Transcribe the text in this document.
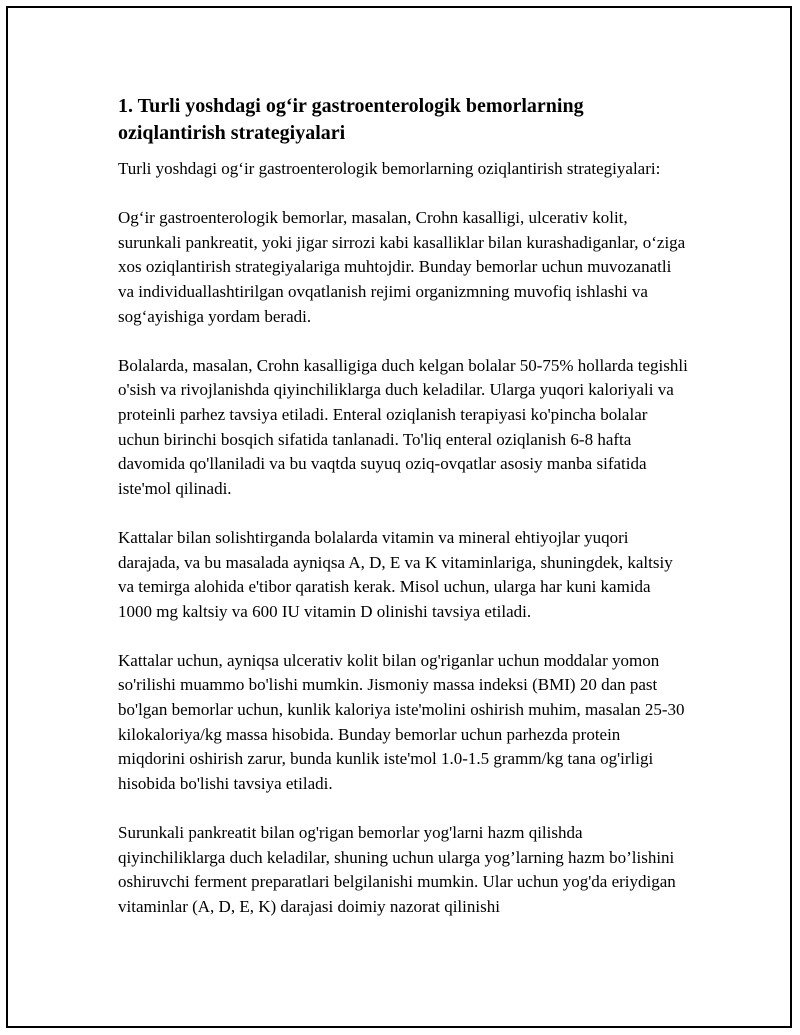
1. Turli yoshdagi og‘ir gastroenterologik bemorlarning oziqlantirish strategiyalari

Turli yoshdagi og‘ir gastroenterologik bemorlarning oziqlantirish strategiyalari:

Og‘ir gastroenterologik bemorlar, masalan, Crohn kasalligi, ulcerativ kolit, surunkali pankreatit, yoki jigar sirrozi kabi kasalliklar bilan kurashadiganlar, o‘ziga xos oziqlantirish strategiyalariga muhtojdir. Bunday bemorlar uchun muvozanatli va individuallashtirilgan ovqatlanish rejimi organizmning muvofiq ishlashi va sog‘ayishiga yordam beradi.

Bolalarda, masalan, Crohn kasalligiga duch kelgan bolalar 50-75% hollarda tegishli o'sish va rivojlanishda qiyinchiliklarga duch keladilar. Ularga yuqori kaloriyali va proteinli parhez tavsiya etiladi. Enteral oziqlanish terapiyasi ko'pincha bolalar uchun birinchi bosqich sifatida tanlanadi. To'liq enteral oziqlanish 6-8 hafta davomida qo'llaniladi va bu vaqtda suyuq oziq-ovqatlar asosiy manba sifatida iste'mol qilinadi.

Kattalar bilan solishtirganda bolalarda vitamin va mineral ehtiyojlar yuqori darajada, va bu masalada ayniqsa A, D, E va K vitaminlariga, shuningdek, kaltsiy va temirga alohida e'tibor qaratish kerak. Misol uchun, ularga har kuni kamida 1000 mg kaltsiy va 600 IU vitamin D olinishi tavsiya etiladi.

Kattalar uchun, ayniqsa ulcerativ kolit bilan og'riganlar uchun moddalar yomon so'rilishi muammo bo'lishi mumkin. Jismoniy massa indeksi (BMI) 20 dan past bo'lgan bemorlar uchun, kunlik kaloriya iste'molini oshirish muhim, masalan 25-30 kilokaloriya/kg massa hisobida. Bunday bemorlar uchun parhezda protein miqdorini oshirish zarur, bunda kunlik iste'mol 1.0-1.5 gramm/kg tana og'irligi hisobida bo'lishi tavsiya etiladi.

Surunkali pankreatit bilan og'rigan bemorlar yog'larni hazm qilishda qiyinchiliklarga duch keladilar, shuning uchun ularga yog’larning hazm bo’lishini oshiruvchi ferment preparatlari belgilanishi mumkin. Ular uchun yog'da eriydigan vitaminlar (A, D, E, K) darajasi doimiy nazorat qilinishi
